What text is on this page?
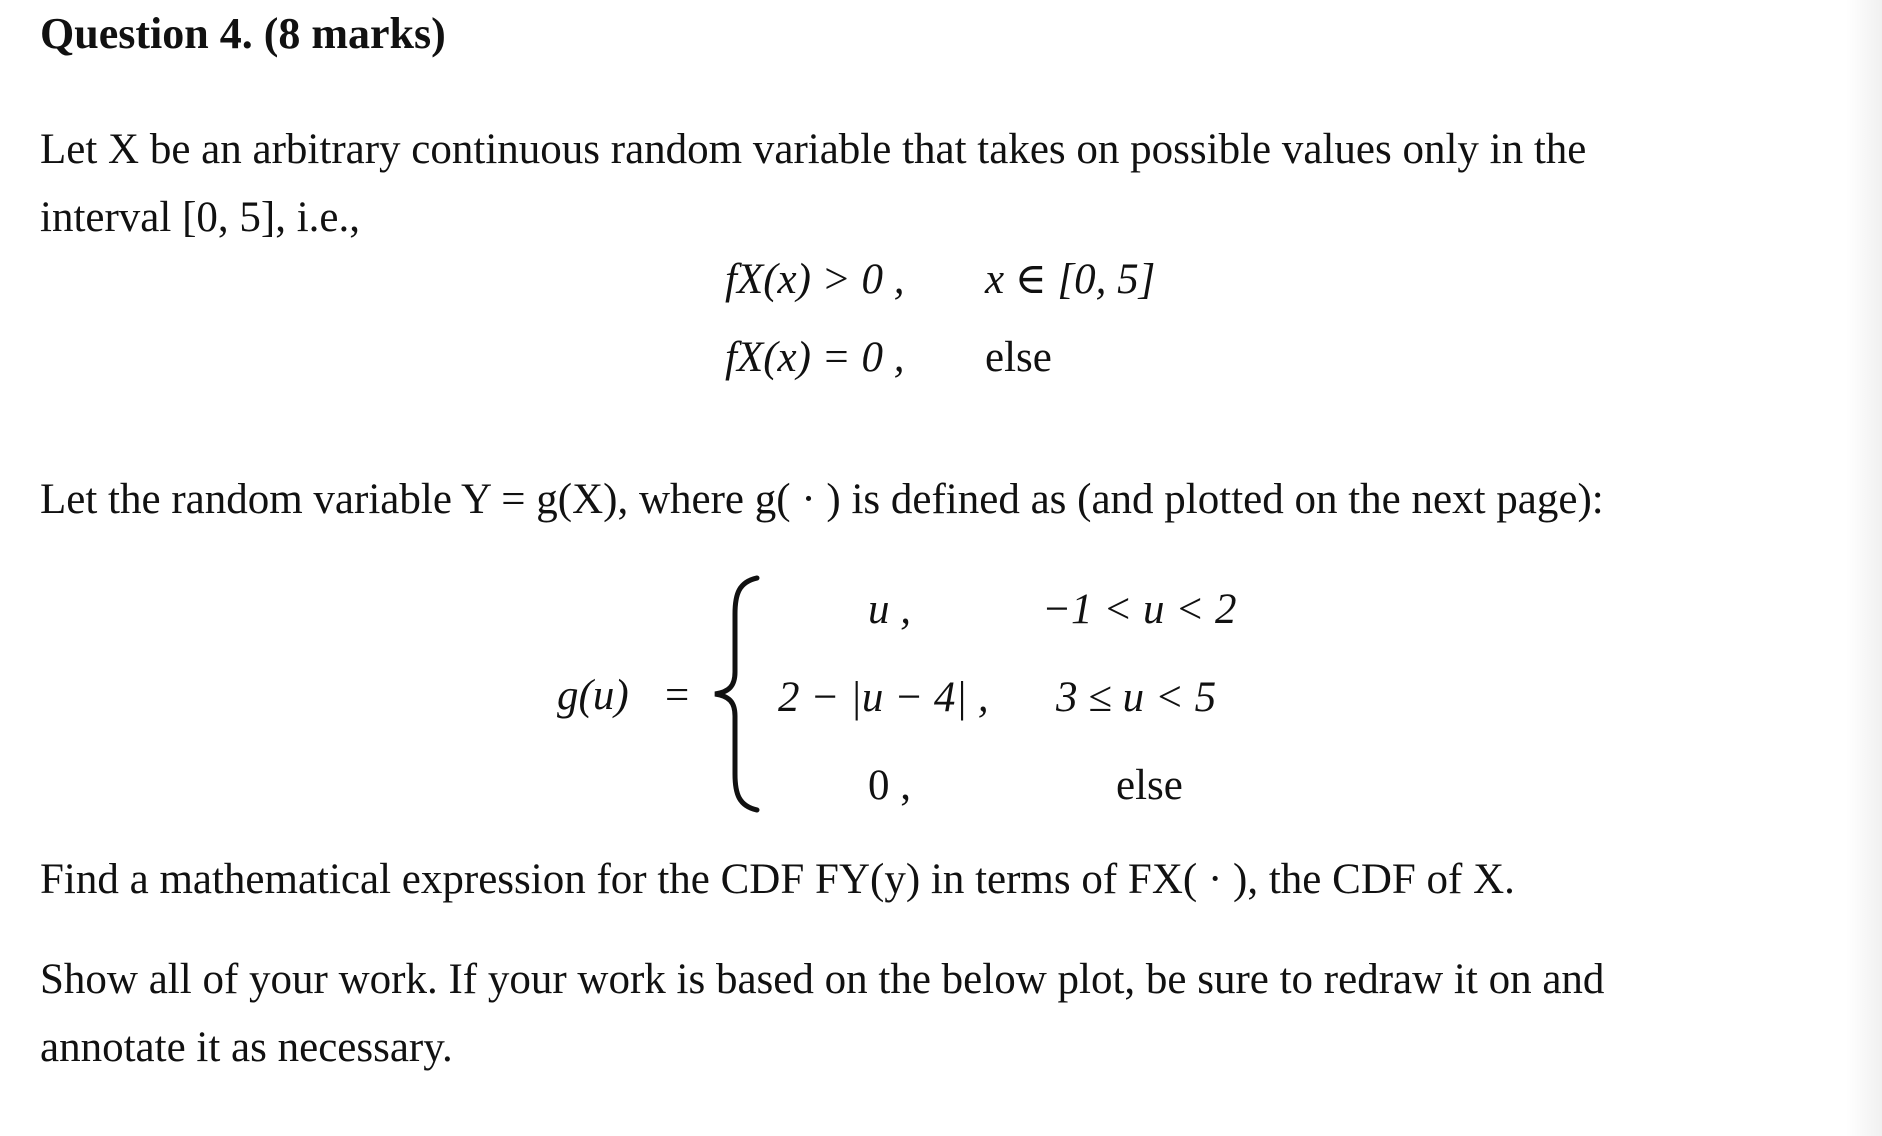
Question 4. (8 marks)
Let X be an arbitrary continuous random variable that takes on possible values only in the
interval [0, 5], i.e.,
fX(x) > 0 , x ∈ [0, 5]
fX(x) = 0 , else
Let the random variable Y = g(X), where g( · ) is defined as (and plotted on the next page):
g(u) =
u ,	−1 < u < 2
2 − |u − 4| , 3 ≤ u < 5
0 ,	else
Find a mathematical expression for the CDF FY(y) in terms of FX( · ), the CDF of X.
Show all of your work. If your work is based on the below plot, be sure to redraw it on and
annotate it as necessary.
